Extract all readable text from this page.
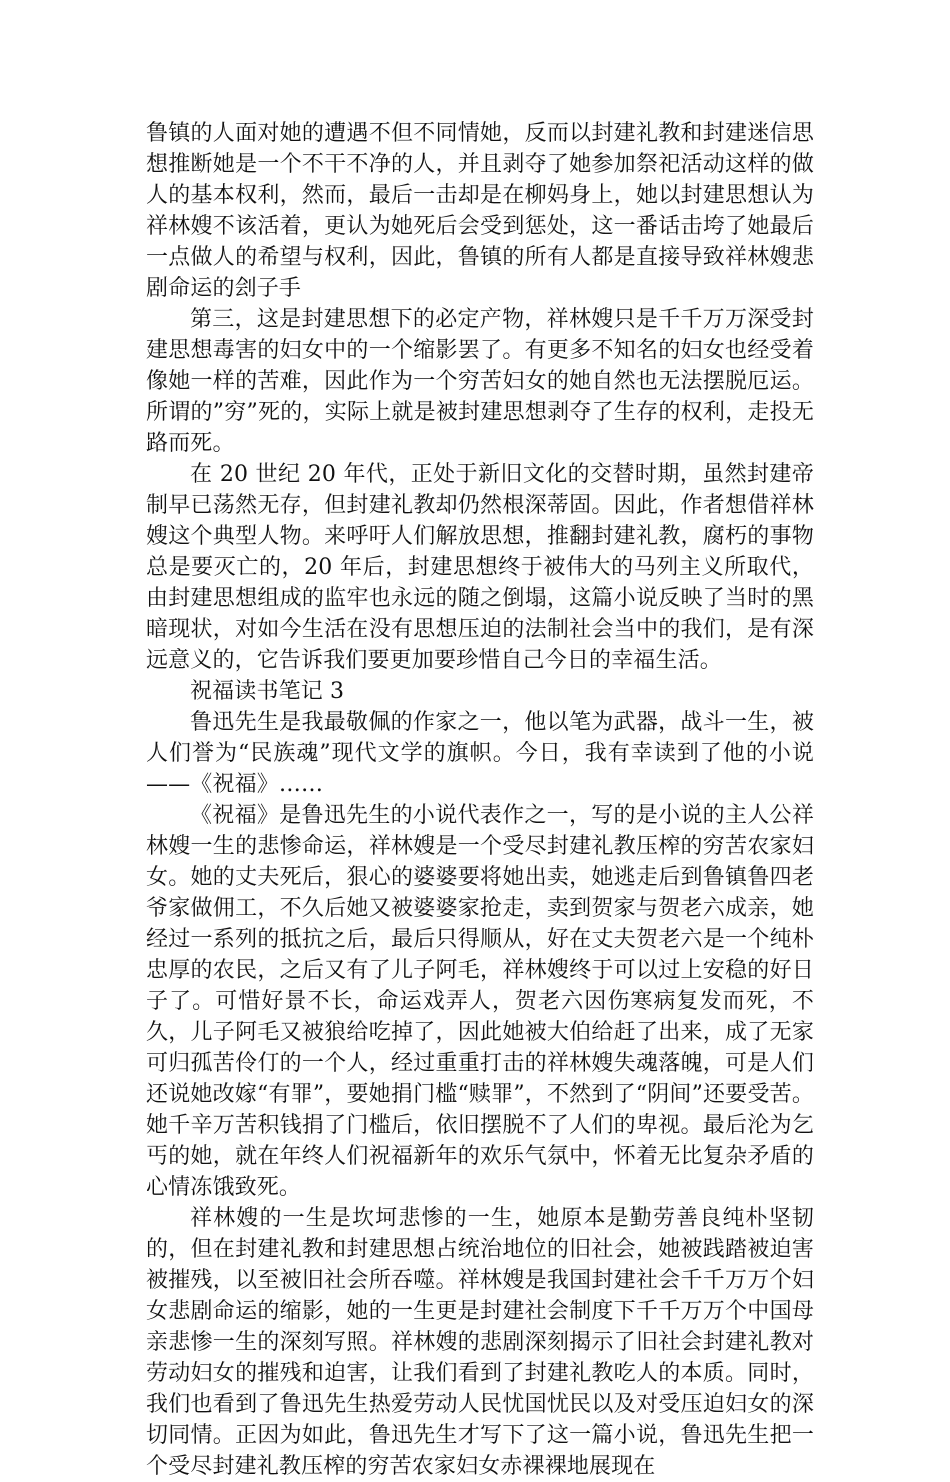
鲁镇的人面对她的遭遇不但不同情她，反而以封建礼教和封建迷信思想推断她是一个不干不净的人，并且剥夺了她参加祭祀活动这样的做人的基本权利，然而，最后一击却是在柳妈身上，她以封建思想认为祥林嫂不该活着，更认为她死后会受到惩处，这一番话击垮了她最后一点做人的希望与权利，因此，鲁镇的所有人都是直接导致祥林嫂悲剧命运的刽子手

第三，这是封建思想下的必定产物，祥林嫂只是千千万万深受封建思想毒害的妇女中的一个缩影罢了。有更多不知名的妇女也经受着像她一样的苦难，因此作为一个穷苦妇女的她自然也无法摆脱厄运。所谓的”穷”死的，实际上就是被封建思想剥夺了生存的权利，走投无路而死。

在 20 世纪 20 年代，正处于新旧文化的交替时期，虽然封建帝制早已荡然无存，但封建礼教却仍然根深蒂固。因此，作者想借祥林嫂这个典型人物。来呼吁人们解放思想，推翻封建礼教，腐朽的事物总是要灭亡的，20 年后，封建思想终于被伟大的马列主义所取代，由封建思想组成的监牢也永远的随之倒塌，这篇小说反映了当时的黑暗现状，对如今生活在没有思想压迫的法制社会当中的我们，是有深远意义的，它告诉我们要更加要珍惜自己今日的幸福生活。

祝福读书笔记 3

鲁迅先生是我最敬佩的作家之一，他以笔为武器，战斗一生，被人们誉为“民族魂”现代文学的旗帜。今日，我有幸读到了他的小说——《祝福》……

《祝福》是鲁迅先生的小说代表作之一，写的是小说的主人公祥林嫂一生的悲惨命运，祥林嫂是一个受尽封建礼教压榨的穷苦农家妇女。她的丈夫死后，狠心的婆婆要将她出卖，她逃走后到鲁镇鲁四老爷家做佣工，不久后她又被婆婆家抢走，卖到贺家与贺老六成亲，她经过一系列的抵抗之后，最后只得顺从，好在丈夫贺老六是一个纯朴忠厚的农民，之后又有了儿子阿毛，祥林嫂终于可以过上安稳的好日子了。可惜好景不长，命运戏弄人，贺老六因伤寒病复发而死，不久，儿子阿毛又被狼给吃掉了，因此她被大伯给赶了出来，成了无家可归孤苦伶仃的一个人，经过重重打击的祥林嫂失魂落魄，可是人们还说她改嫁“有罪”，要她捐门槛“赎罪”，不然到了“阴间”还要受苦。她千辛万苦积钱捐了门槛后，依旧摆脱不了人们的卑视。最后沦为乞丐的她，就在年终人们祝福新年的欢乐气氛中，怀着无比复杂矛盾的心情冻饿致死。

祥林嫂的一生是坎坷悲惨的一生，她原本是勤劳善良纯朴坚韧的，但在封建礼教和封建思想占统治地位的旧社会，她被践踏被迫害被摧残，以至被旧社会所吞噬。祥林嫂是我国封建社会千千万万个妇女悲剧命运的缩影，她的一生更是封建社会制度下千千万万个中国母亲悲惨一生的深刻写照。祥林嫂的悲剧深刻揭示了旧社会封建礼教对劳动妇女的摧残和迫害，让我们看到了封建礼教吃人的本质。同时，我们也看到了鲁迅先生热爱劳动人民忧国忧民以及对受压迫妇女的深切同情。正因为如此，鲁迅先生才写下了这一篇小说，鲁迅先生把一个受尽封建礼教压榨的穷苦农家妇女赤裸裸地展现在
